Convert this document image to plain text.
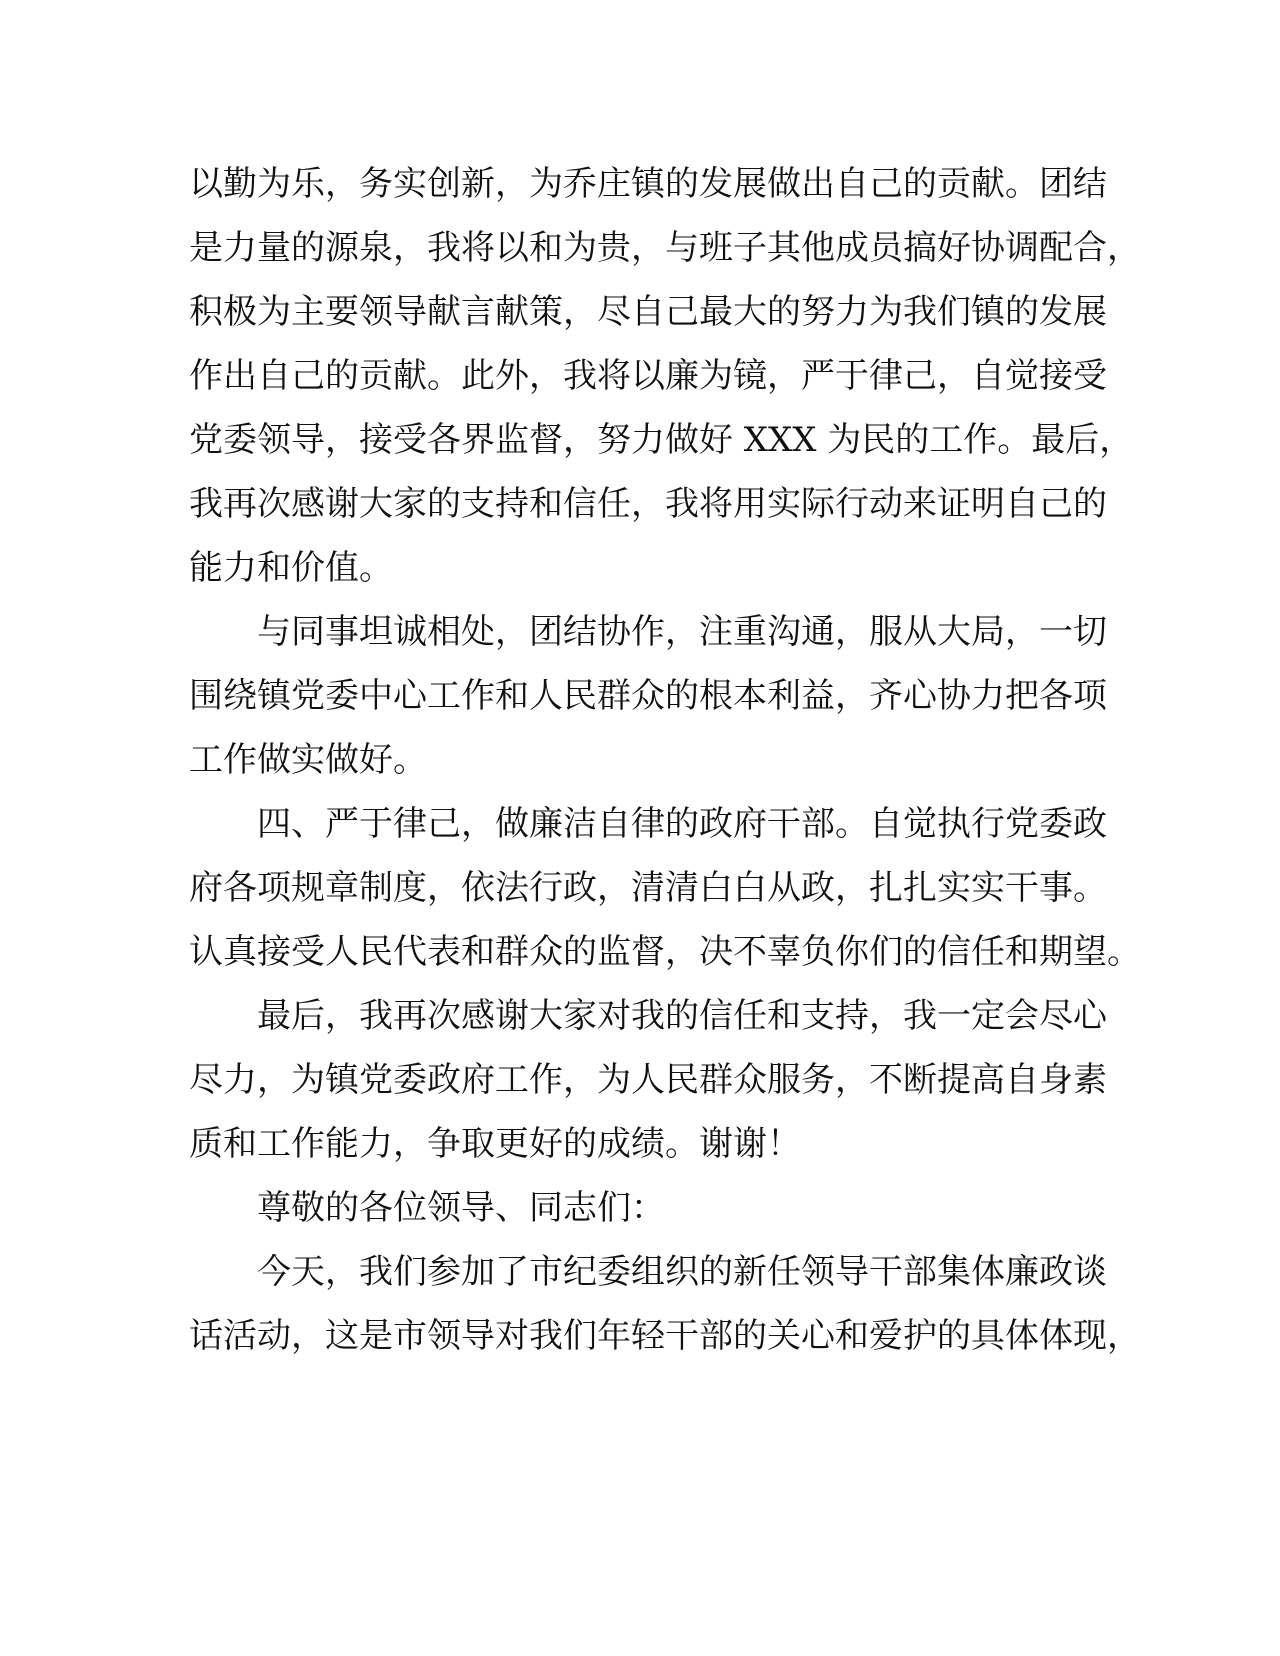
以勤为乐，务实创新，为乔庄镇的发展做出自己的贡献。团结
是力量的源泉，我将以和为贵，与班子其他成员搞好协调配合，
积极为主要领导献言献策，尽自己最大的努力为我们镇的发展
作出自己的贡献。此外，我将以廉为镜，严于律己，自觉接受
党委领导，接受各界监督，努力做好 XXX 为民的工作。最后，
我再次感谢大家的支持和信任，我将用实际行动来证明自己的
能力和价值。
与同事坦诚相处，团结协作，注重沟通，服从大局，一切
围绕镇党委中心工作和人民群众的根本利益，齐心协力把各项
工作做实做好。
四、严于律己，做廉洁自律的政府干部。自觉执行党委政
府各项规章制度，依法行政，清清白白从政，扎扎实实干事。
认真接受人民代表和群众的监督，决不辜负你们的信任和期望。
最后，我再次感谢大家对我的信任和支持，我一定会尽心
尽力，为镇党委政府工作，为人民群众服务，不断提高自身素
质和工作能力，争取更好的成绩。谢谢！
尊敬的各位领导、同志们：
今天，我们参加了市纪委组织的新任领导干部集体廉政谈
话活动，这是市领导对我们年轻干部的关心和爱护的具体体现，
